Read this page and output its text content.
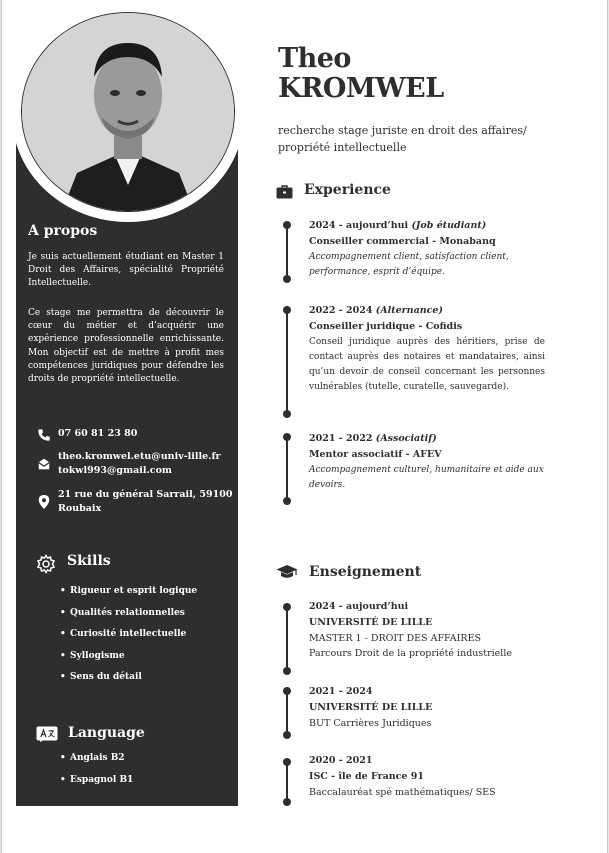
A propos

Je suis actuellement étudiant en Master 1 Droit des Affaires, spécialité Propriété Intellectuelle.

Ce stage me permettra de découvrir le cœur du métier et d’acquérir une expérience professionnelle enrichissante. Mon objectif est de mettre à profit mes compétences juridiques pour défendre les droits de propriété intellectuelle.

07 60 81 23 80
theo.kromwel.etu@univ-lille.fr
tokwl993@gmail.com
21 rue du général Sarrail, 59100
Roubaix
Skills
• Rigueur et esprit logique
• Qualités relationnelles
• Curiosité intellectuelle
• Syllogisme
• Sens du détail
Language
• Anglais B2
• Espagnol B1
Theo
KROMWEL
recherche stage juriste en droit des affaires/
propriété intellectuelle
Experience
2024 - aujourd’hui (Job étudiant)
Conseiller commercial - Monabanq
Accompagnement client, satisfaction client, performance, esprit d’équipe.
2022 - 2024 (Alternance)
Conseiller juridique - Cofidis
Conseil juridique auprès des héritiers, prise de contact auprès des notaires et mandataires, ainsi qu’un devoir de conseil concernant les personnes vulnérables (tutelle, curatelle, sauvegarde).
2021 - 2022 (Associatif)
Mentor associatif - AFEV
Accompagnement culturel, humanitaire et aide aux devoirs.
Enseignement
2024 - aujourd’hui
UNIVERSITÉ DE LILLE
MASTER 1 - DROIT DES AFFAIRES
Parcours Droit de la propriété industrielle
2021 - 2024
UNIVERSITÉ DE LILLE
BUT Carrières Juridiques
2020 - 2021
ISC - île de France 91
Baccalauréat spé mathématiques/ SES
